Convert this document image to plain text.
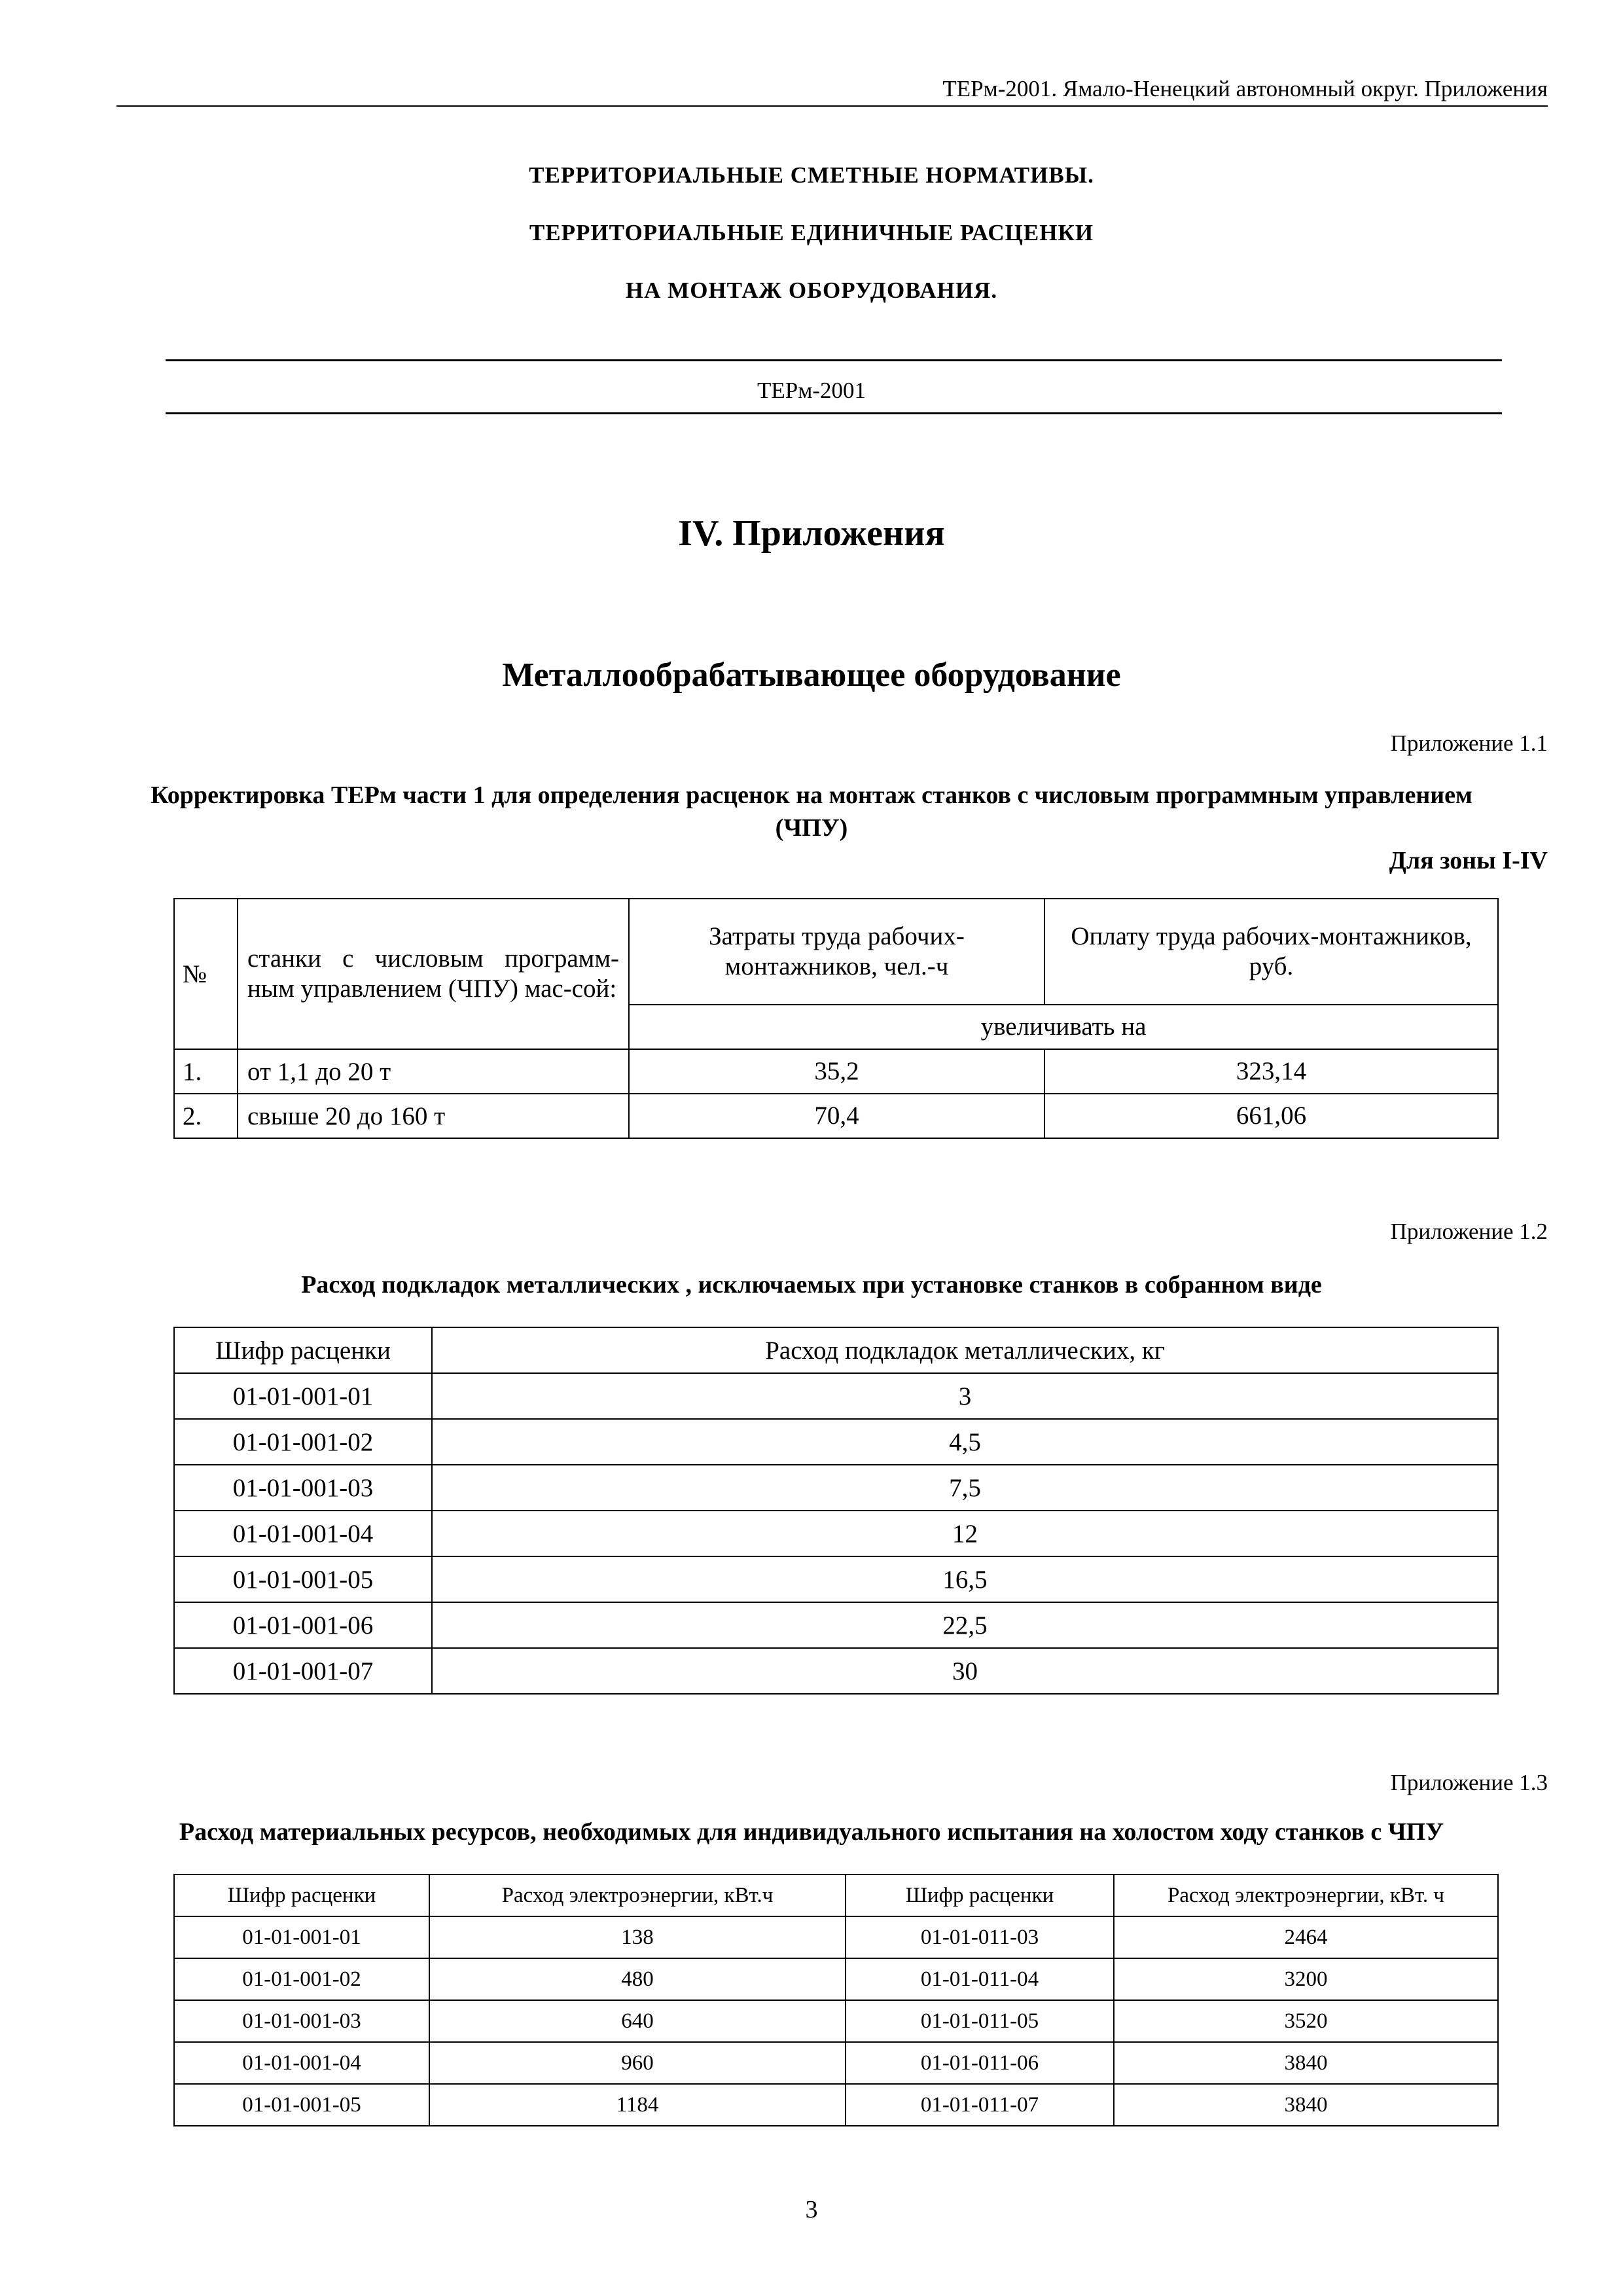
ТЕРм-2001. Ямало-Ненецкий автономный округ. Приложения
ТЕРРИТОРИАЛЬНЫЕ СМЕТНЫЕ НОРМАТИВЫ.
ТЕРРИТОРИАЛЬНЫЕ ЕДИНИЧНЫЕ РАСЦЕНКИ
НА МОНТАЖ ОБОРУДОВАНИЯ.
ТЕРм-2001
IV. Приложения
Металлообрабатывающее оборудование
Приложение 1.1
Корректировка ТЕРм части 1 для определения расценок на монтаж станков с числовым программным управлением (ЧПУ)
Для зоны I-IV
№	станки с числовым программ-ным управлением (ЧПУ) мас-сой:	Затраты труда рабочих-монтажников, чел.-ч	Оплату труда рабочих-монтажников, руб.
		увеличивать на	
1.	от 1,1 до 20 т	35,2	323,14
2.	свыше 20 до 160 т	70,4	661,06
Приложение 1.2
Расход подкладок металлических , исключаемых при установке станков в собранном виде
Шифр расценки	Расход подкладок металлических, кг
01-01-001-01	3
01-01-001-02	4,5
01-01-001-03	7,5
01-01-001-04	12
01-01-001-05	16,5
01-01-001-06	22,5
01-01-001-07	30
Приложение 1.3
Расход материальных ресурсов, необходимых для индивидуального испытания на холостом ходу станков с ЧПУ
Шифр расценки	Расход электроэнергии, кВт.ч	Шифр расценки	Расход электроэнергии, кВт. ч
01-01-001-01	138	01-01-011-03	2464
01-01-001-02	480	01-01-011-04	3200
01-01-001-03	640	01-01-011-05	3520
01-01-001-04	960	01-01-011-06	3840
01-01-001-05	1184	01-01-011-07	3840
3
